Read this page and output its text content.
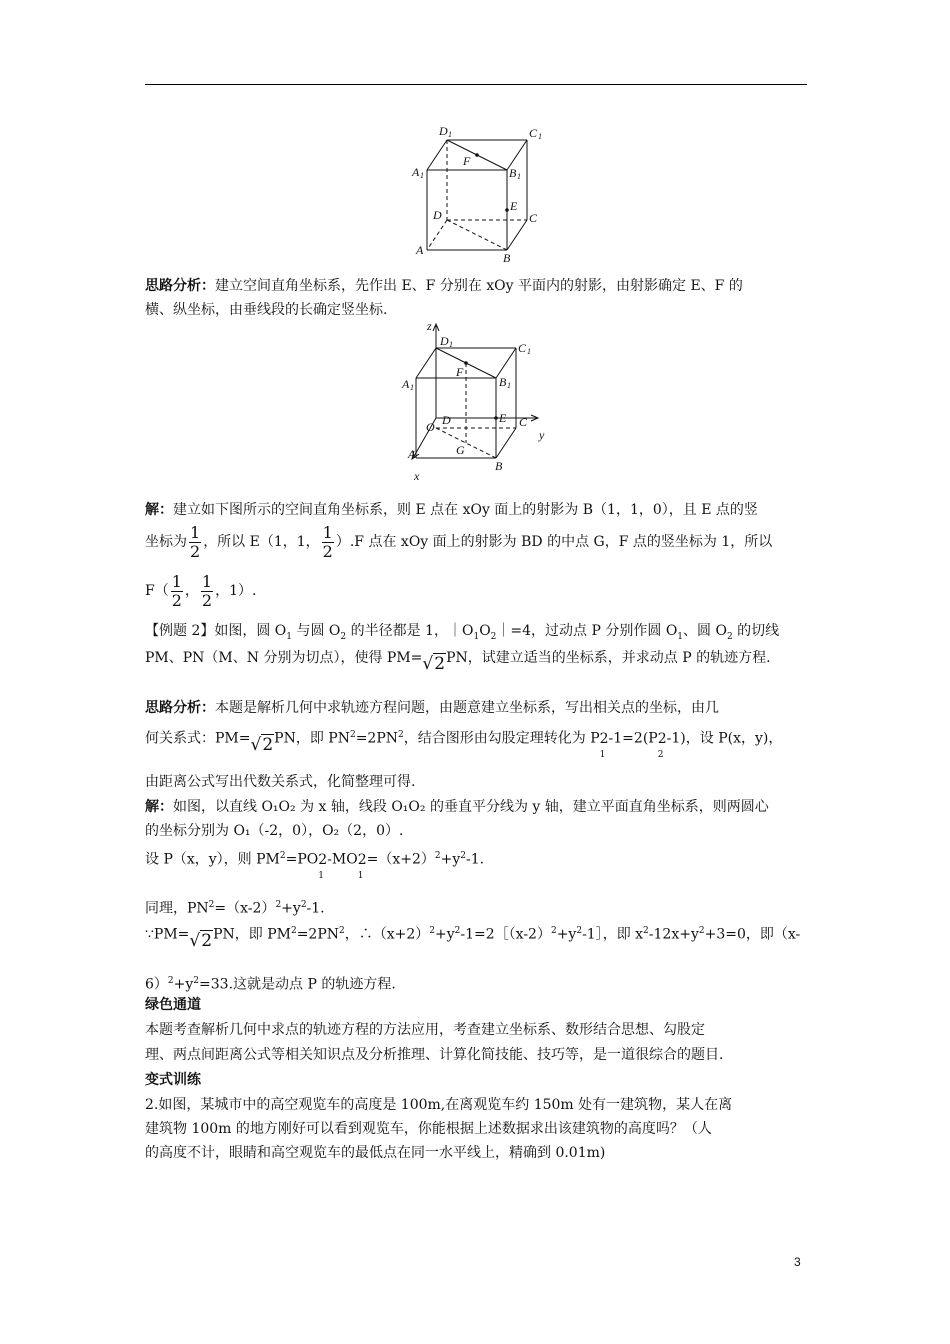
D 1	C 1
A 1	B 1
F
E
D	C
A
B
思路分析：建立空间直角坐标系，先作出 E、F 分别在 xOy 平面内的射影，由射影确定 E、F 的
横、纵坐标，由垂线段的长确定竖坐标.
z
D 1	C 1
A 1	B 1
F
E
D	C
O
y
G
A
B
x
解：建立如下图所示的空间直角坐标系，则 E 点在 xOy 面上的射影为 B（1，1，0），且 E 点的竖
坐标为 $\frac{1}{2}$ ，所以 E（1，1， $\frac{1}{2} ).F$ 点在 xOy 面上的射影为 BD 的中点 G，F 点的竖坐标为 1，所以
$F( \frac{1}{2}$ ， $\frac{1}{2}$ ，1）.
【例题 2】如图，圆 $O_1$ 与圆 $O_2$ 的半径都是 1，$|O_1O_2|=4$，过动点 P 分别作圆 $O_1$、圆 $O_2$ 的切线
PM、PN（M、N 分别为切点），使得 PM=√2PN，试建立适当的坐标系，并求动点 P 的轨迹方程.
思路分析：本题是解析几何中求轨迹方程问题，由题意建立坐标系，写出相关点的坐标，由几
何关系式：PM=√2PN，即 $PN^2=2PN^2$，结合图形由勾股定理转化为 P2
1
-1=2(P2
2
-1)，设 P(x，y)，
由距离公式写出代数关系式，化简整理可得.
解：如图，以直线 O₁O₂ 为 x 轴，线段 O₁O₂ 的垂直平分线为 y 轴，建立平面直角坐标系，则两圆心
的坐标分别为 O₁（-2，0），O₂（2，0）.
设 P（x，y），则 $PM^2=PO2$
1
-MO2
1
$=(x+2)^2+y^2-1$.
同理，$PN^2=(x-2)^2+y^2-1$.
∵PM=√2PN，即 $PM^2=2PN^2$，$\therefore(x+2)^2+y^2-1=2[(x-2)^2+y^2-1]$，即 $x^2-12x+y^2+3=0$，即（x-
$6)^2+y^2=33$.这就是动点 P 的轨迹方程.
绿色通道
本题考查解析几何中求点的轨迹方程的方法应用，考查建立坐标系、数形结合思想、勾股定
理、两点间距离公式等相关知识点及分析推理、计算化简技能、技巧等，是一道很综合的题目.
变式训练
2.如图，某城市中的高空观览车的高度是 100m,在离观览车约 150m 处有一建筑物，某人在离
建筑物 100m 的地方刚好可以看到观览车，你能根据上述数据求出该建筑物的高度吗？（人
的高度不计，眼睛和高空观览车的最低点在同一水平线上，精确到 0.01m)
3
